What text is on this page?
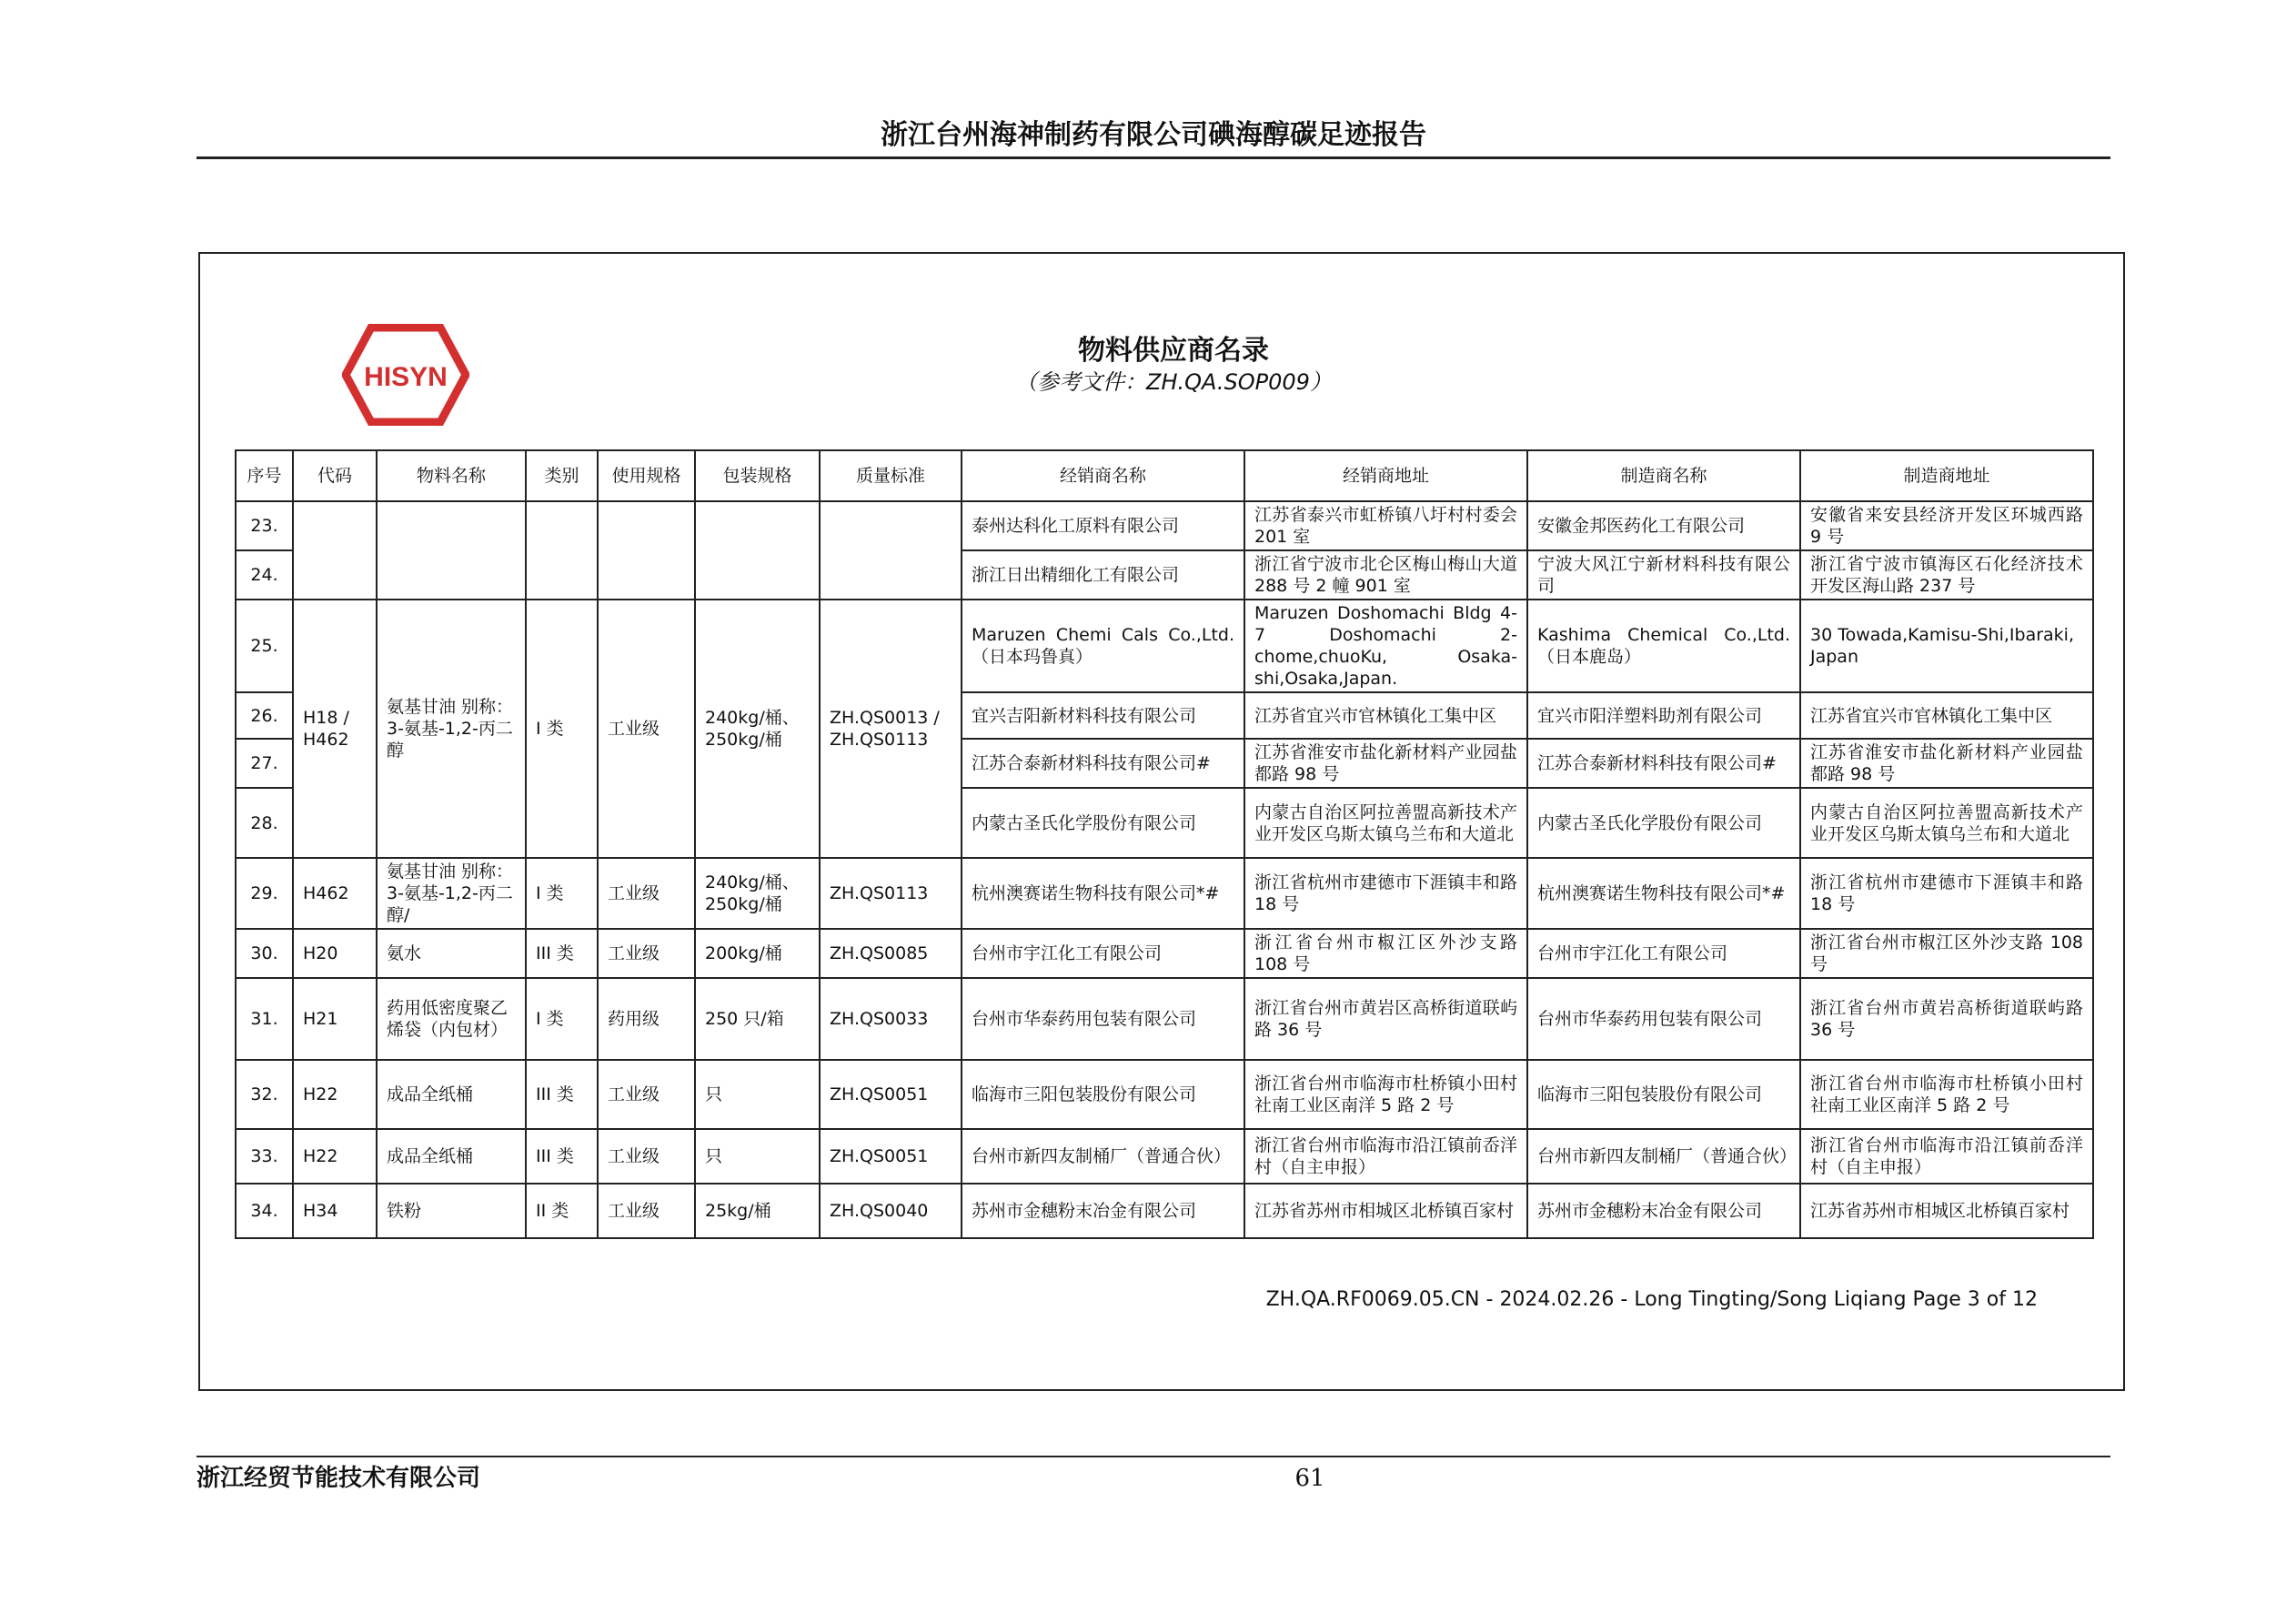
浙江台州海神制药有限公司碘海醇碳足迹报告
HISYN
物料供应商名录
（参考文件：ZH.QA.SOP009）
序号	代码	物料名称	类别	使用规格	包装规格	质量标准	经销商名称	经销商地址	制造商名称	制造商地址
23.							泰州达科化工原料有限公司	江苏省泰兴市虹桥镇八圩村村委会 201 室	安徽金邦医药化工有限公司	安徽省来安县经济开发区环城西路 9 号
24.							浙江日出精细化工有限公司	浙江省宁波市北仑区梅山梅山大道 288 号 2 幢 901 室	宁波大风江宁新材料科技有限公司	浙江省宁波市镇海区石化经济技术开发区海山路 237 号
25.	H18 / H462	氨基甘油 别称：3-氨基-1,2-丙二醇	I 类	工业级	240kg/桶、250kg/桶	ZH.QS0013 / ZH.QS0113	Maruzen Chemi Cals Co.,Ltd.（日本玛鲁真）	Maruzen Doshomachi Bldg 4-7 Doshomachi 2-chome,chuoKu, Osaka-shi,Osaka,Japan.	Kashima Chemical Co.,Ltd.（日本鹿岛）	30 Towada,Kamisu-Shi,Ibaraki, Japan
26.							宜兴吉阳新材料科技有限公司	江苏省宜兴市官林镇化工集中区	宜兴市阳洋塑料助剂有限公司	江苏省宜兴市官林镇化工集中区
27.							江苏合泰新材料科技有限公司#	江苏省淮安市盐化新材料产业园盐都路 98 号	江苏合泰新材料科技有限公司#	江苏省淮安市盐化新材料产业园盐都路 98 号
28.							内蒙古圣氏化学股份有限公司	内蒙古自治区阿拉善盟高新技术产业开发区乌斯太镇乌兰布和大道北	内蒙古圣氏化学股份有限公司	内蒙古自治区阿拉善盟高新技术产业开发区乌斯太镇乌兰布和大道北
29.	H462	氨基甘油 别称：3-氨基-1,2-丙二醇/	I 类	工业级	240kg/桶、250kg/桶	ZH.QS0113	杭州澳赛诺生物科技有限公司*#	浙江省杭州市建德市下涯镇丰和路 18 号	杭州澳赛诺生物科技有限公司*#	浙江省杭州市建德市下涯镇丰和路 18 号
30.	H20	氨水	III 类	工业级	200kg/桶	ZH.QS0085	台州市宇江化工有限公司	浙江省台州市椒江区外沙支路 108 号	台州市宇江化工有限公司	浙江省台州市椒江区外沙支路 108 号
31.	H21	药用低密度聚乙烯袋（内包材）	I 类	药用级	250 只/箱	ZH.QS0033	台州市华泰药用包装有限公司	浙江省台州市黄岩区高桥街道联屿路 36 号	台州市华泰药用包装有限公司	浙江省台州市黄岩高桥街道联屿路 36 号
32.	H22	成品全纸桶	III 类	工业级	只	ZH.QS0051	临海市三阳包装股份有限公司	浙江省台州市临海市杜桥镇小田村社南工业区南洋 5 路 2 号	临海市三阳包装股份有限公司	浙江省台州市临海市杜桥镇小田村社南工业区南洋 5 路 2 号
33.	H22	成品全纸桶	III 类	工业级	只	ZH.QS0051	台州市新四友制桶厂（普通合伙）	浙江省台州市临海市沿江镇前岙洋村（自主申报）	台州市新四友制桶厂（普通合伙）	浙江省台州市临海市沿江镇前岙洋村（自主申报）
34.	H34	铁粉	II 类	工业级	25kg/桶	ZH.QS0040	苏州市金穗粉末冶金有限公司	江苏省苏州市相城区北桥镇百家村	苏州市金穗粉末冶金有限公司	江苏省苏州市相城区北桥镇百家村
ZH.QA.RF0069.05.CN - 2024.02.26 - Long Tingting/Song Liqiang Page 3 of 12
浙江经贸节能技术有限公司	61
